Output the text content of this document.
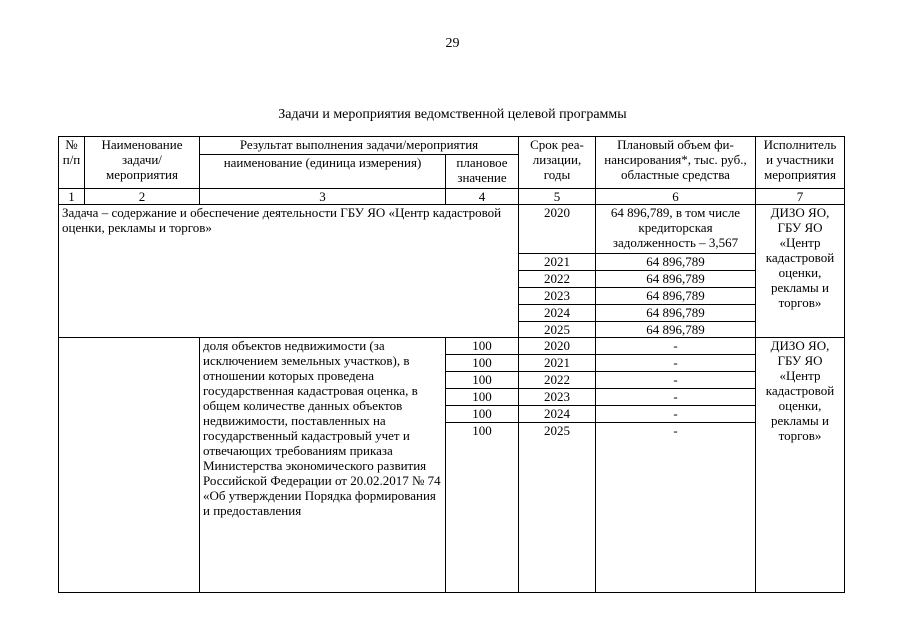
29
Задачи и мероприятия ведомственной целевой программы
№ п/п	Наименование задачи/ мероприятия	Результат выполнения задачи/мероприятия		Срок реа- лизации, годы	Плановый объем фи- нансирования*, тыс. руб., областные средства	Исполнитель и участники мероприятия
		наименование (единица измерения)	плановое значение			
1	2	3	4	5	6	7
Задача – содержание и обеспечение деятельности ГБУ ЯО «Центр кадастровой оценки, рекламы и торгов»				2020	64 896,789, в том числе кредиторская задолженность – 3,567	ДИЗО ЯО, ГБУ ЯО «Центр кадастровой оценки, рекламы и торгов»
				2021	64 896,789	
				2022	64 896,789	
				2023	64 896,789	
				2024	64 896,789	
				2025	64 896,789	
		доля объектов недвижимости (за исключением земельных участков), в отношении которых проведена государственная кадастровая оценка, в общем количестве данных объектов недвижимости, поставленных на государственный кадастровый учет и отвечающих требованиям приказа Министерства экономического развития Российской Федерации от 20.02.2017 № 74 «Об утверждении Порядка формирования и предоставления	100	2020	-	ДИЗО ЯО, ГБУ ЯО «Центр кадастровой оценки, рекламы и торгов»
			100	2021	-	
			100	2022	-	
			100	2023	-	
			100	2024	-	
			100	2025	-	
